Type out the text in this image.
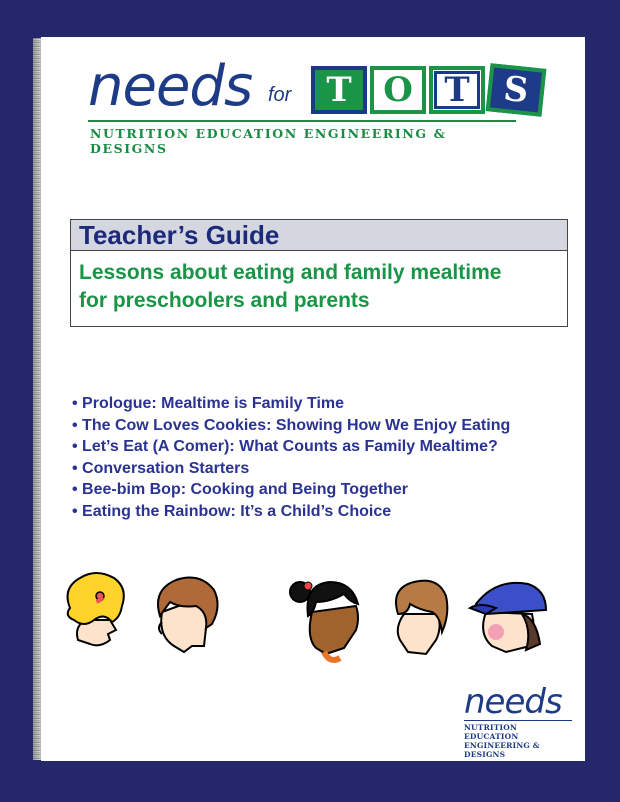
needs for	T O T S
NUTRITION EDUCATION ENGINEERING & DESIGNS
Teacher’s Guide
Lessons about eating and family mealtime
for preschoolers and parents
• Prologue: Mealtime is Family Time
• The Cow Loves Cookies: Showing How We Enjoy Eating
• Let’s Eat (A Comer): What Counts as Family Mealtime?
• Conversation Starters
• Bee-bim Bop: Cooking and Being Together
• Eating the Rainbow: It’s a Child’s Choice
needs
NUTRITION EDUCATION
ENGINEERING & DESIGNS
